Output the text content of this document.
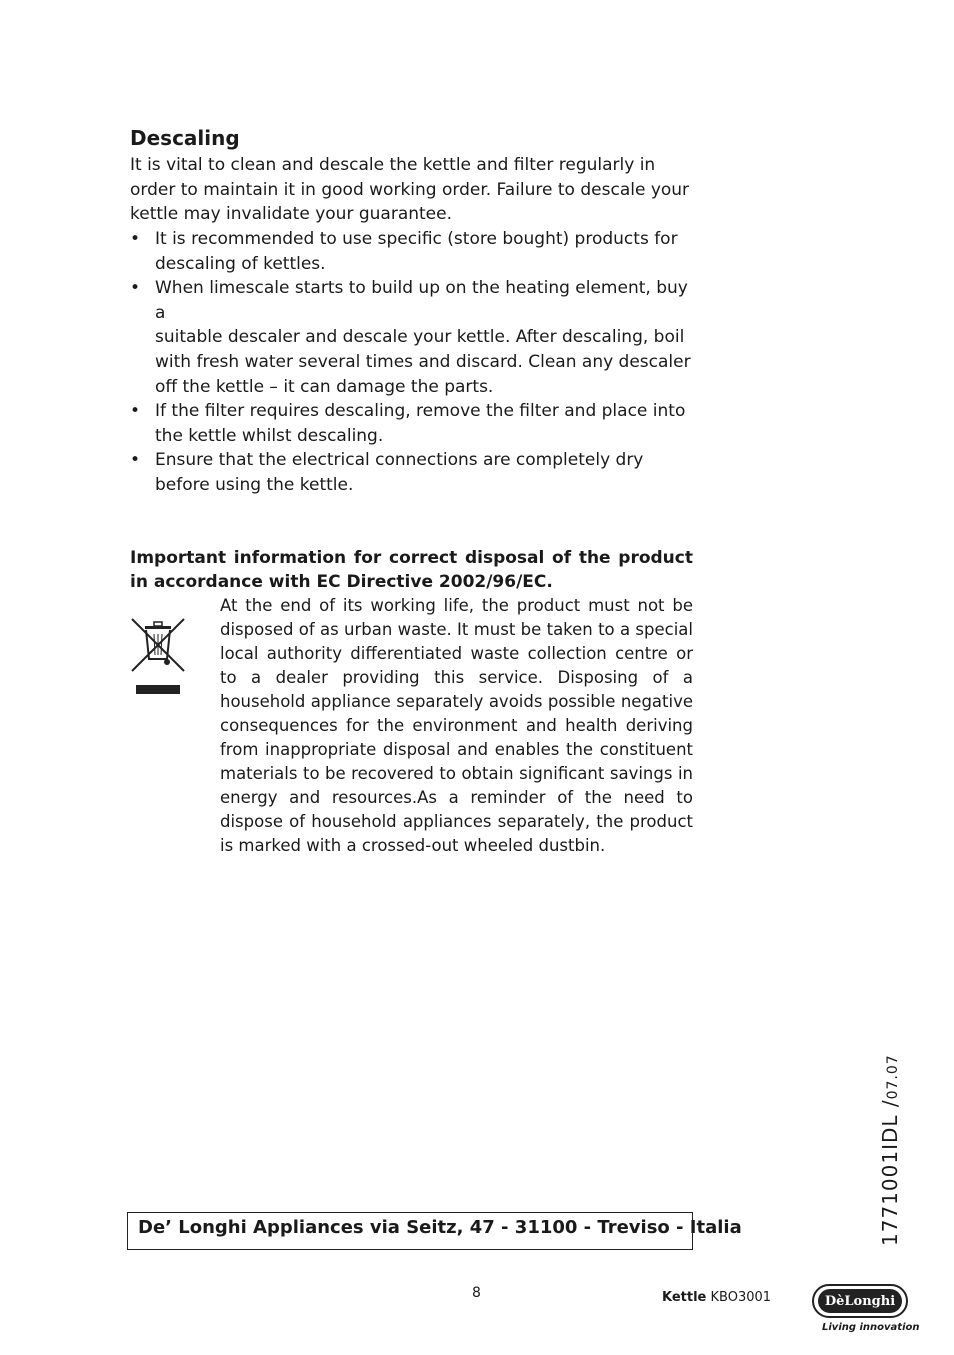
Descaling
It is vital to clean and descale the kettle and filter regularly in
order to maintain it in good working order. Failure to descale your
kettle may invalidate your guarantee.
• It is recommended to use specific (store bought) products for
descaling of kettles.
• When limescale starts to build up on the heating element, buy a
suitable descaler and descale your kettle. After descaling, boil
with fresh water several times and discard. Clean any descaler
off the kettle – it can damage the parts.
• If the filter requires descaling, remove the filter and place into
the kettle whilst descaling.
• Ensure that the electrical connections are completely dry
before using the kettle.
Important information for correct disposal of the product
in accordance with EC Directive 2002/96/EC.
At the end of its working life, the product must not be disposed of as urban waste. It must be taken to a special local authority differentiated waste collection centre or to a dealer providing this service. Disposing of a household appliance separately avoids possible negative consequences for the environment and health deriving from inappropriate disposal and enables the constituent materials to be recovered to obtain significant savings in energy and resources.As a reminder of the need to dispose of household appliances separately, the product is marked with a crossed-out wheeled dustbin.
De’ Longhi Appliances via Seitz, 47 - 31100 - Treviso - Italia	1771001IDL /07.07
8	Kettle KBO3001	DèLonghi
Living innovation
